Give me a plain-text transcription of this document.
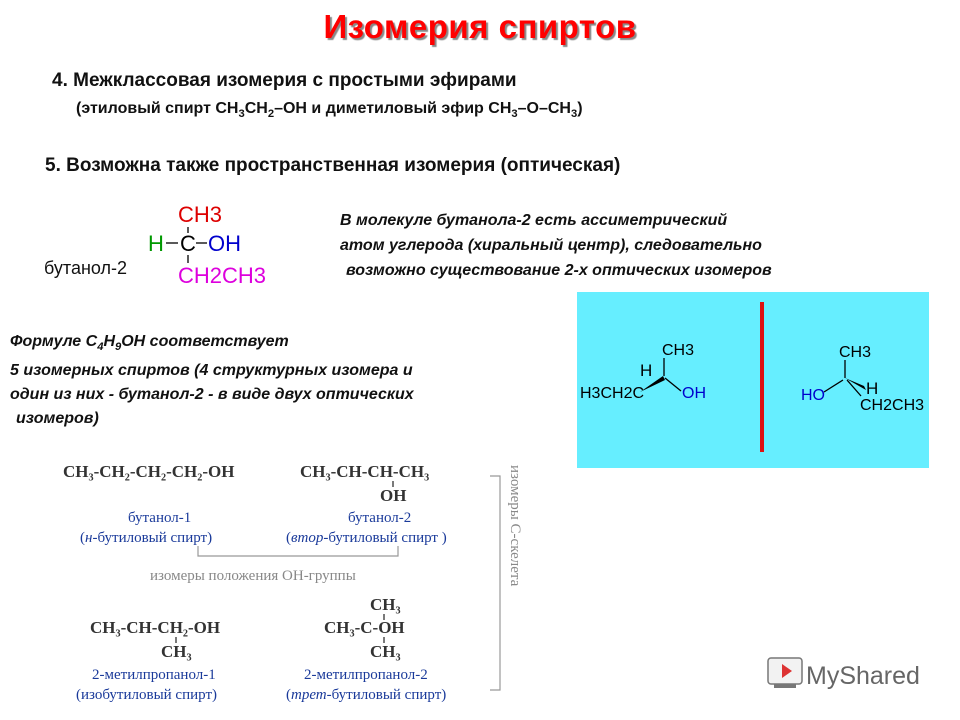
Изомерия спиртов
4. Межклассовая изомерия с простыми эфирами
(этиловый спирт $CH_3CH_2-OH$ и диметиловый эфир $CH_3-O-CH_3$)
5. Возможна также пространственная изомерия (оптическая)
CH3
H C OH
CH2CH3
бутанол-2
В молекуле бутанола-2 есть ассиметрический
атом углерода (хиральный центр), следовательно
возможно существование 2-х оптических изомеров
Формуле $C_4H_9OH$ соответствует
5 изомерных спиртов (4 структурных изомера и
один из них - бутанол-2 - в виде двух оптических
изомеров)
CH3
H
H3CH2C OH
CH3
H
HO
CH2CH3
CH₃-CH₂-CH₂-CH₂-OH	CH₃-CH-CH-CH₃
OH
бутанол-1
(н-бутиловый спирт)
бутанол-2
(втор-бутиловый спирт )
изомеры положения ОН-группы	изомеры С-скелета
CH₃-CH-CH₂-OH
CH₃
CH₃
CH₃-C-OH
CH₃
2-метилпропанол-1
(изобутиловый спирт)
2-метилпропанол-2
(трет-бутиловый спирт)
MyShared
